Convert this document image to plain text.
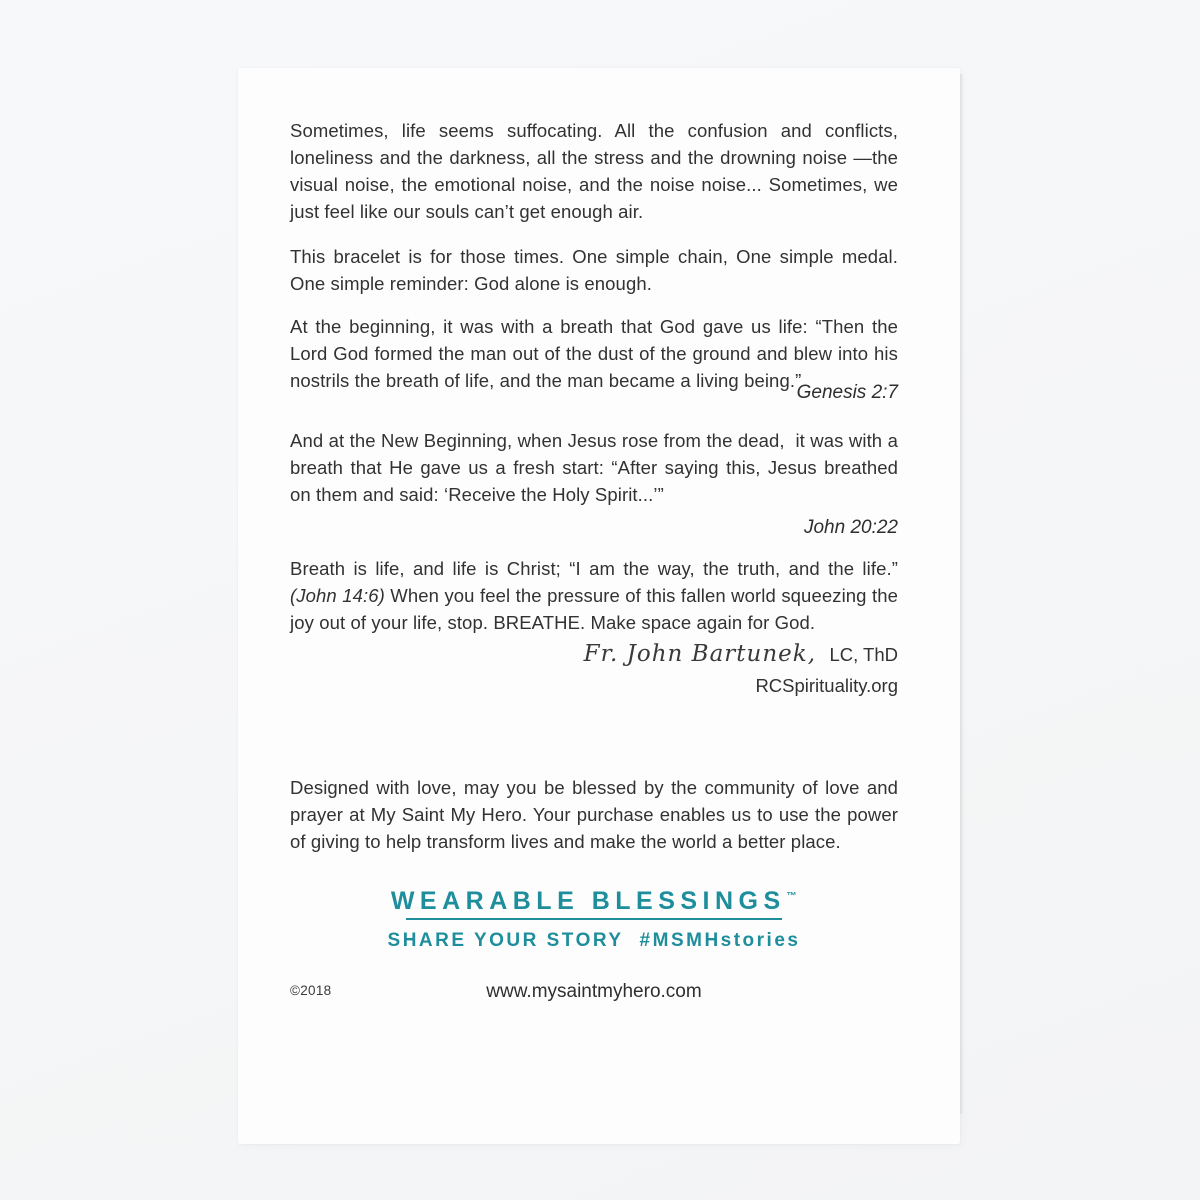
Sometimes, life seems suffocating. All the confusion and conflicts, loneliness and the darkness, all the stress and the drowning noise —the visual noise, the emotional noise, and the noise noise... Sometimes, we just feel like our souls can’t get enough air.

This bracelet is for those times. One simple chain, One simple medal. One simple reminder: God alone is enough.

At the beginning, it was with a breath that God gave us life: “Then the Lord God formed the man out of the dust of the ground and blew into his nostrils the breath of life, and the man became a living being.”

Genesis 2:7

And at the New Beginning, when Jesus rose from the dead,  it was with a breath that He gave us a fresh start: “After saying this, Jesus breathed on them and said: ‘Receive the Holy Spirit...’”

John 20:22

Breath is life, and life is Christ; “I am the way, the truth, and the life.” (John 14:6) When you feel the pressure of this fallen world squeezing the joy out of your life, stop. BREATHE. Make space again for God.

Fr. John Bartunek, LC, ThD
RCSpirituality.org

Designed with love, may you be blessed by the community of love and prayer at My Saint My Hero. Your purchase enables us to use the power of giving to help transform lives and make the world a better place.

WEARABLE BLESSINGS™
SHARE YOUR STORY #MSMHstories
©2018	www.mysaintmyhero.com
